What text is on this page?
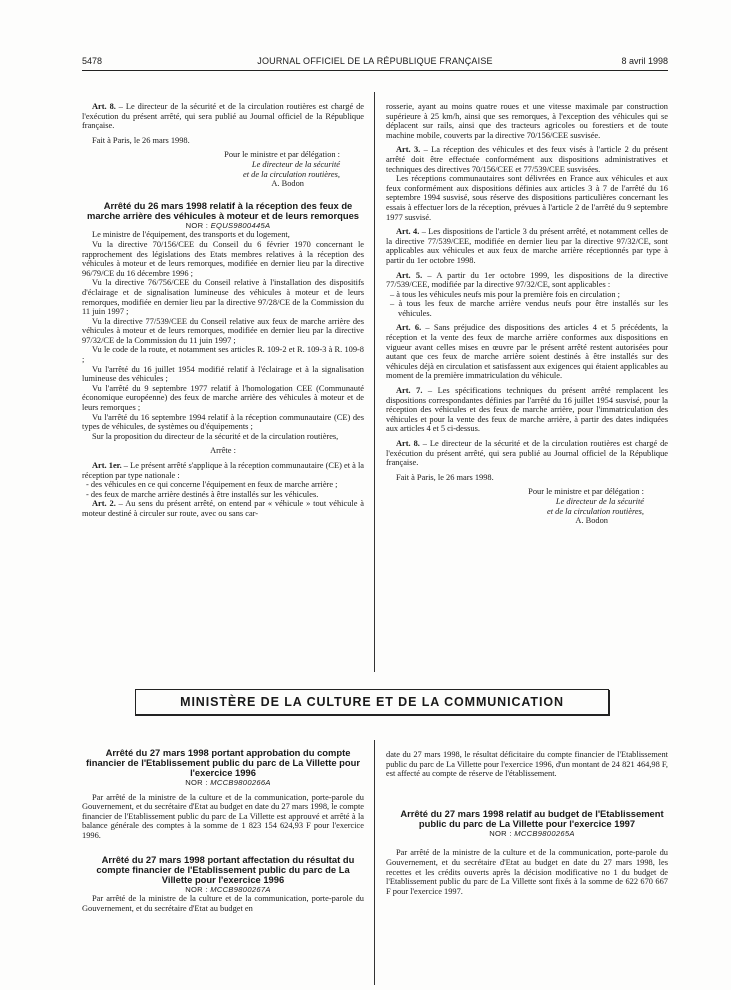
5478	JOURNAL OFFICIEL DE LA RÉPUBLIQUE FRANÇAISE	8 avril 1998

Art. 8. – Le directeur de la sécurité et de la circulation routières est chargé de l'exécution du présent arrêté, qui sera publié au Journal officiel de la République française.

Fait à Paris, le 26 mars 1998.

Pour le ministre et par délégation :
Le directeur de la sécurité
et de la circulation routières,
A. Bodon

Arrêté du 26 mars 1998 relatif à la réception des feux de marche arrière des véhicules à moteur et de leurs remorques

NOR : EQUS9800445A

Le ministre de l'équipement, des transports et du logement,

Vu la directive 70/156/CEE du Conseil du 6 février 1970 concernant le rapprochement des législations des Etats membres relatives à la réception des véhicules à moteur et de leurs remorques, modifiée en dernier lieu par la directive 96/79/CE du 16 décembre 1996 ;

Vu la directive 76/756/CEE du Conseil relative à l'installation des dispositifs d'éclairage et de signalisation lumineuse des véhicules à moteur et de leurs remorques, modifiée en dernier lieu par la directive 97/28/CE de la Commission du 11 juin 1997 ;

Vu la directive 77/539/CEE du Conseil relative aux feux de marche arrière des véhicules à moteur et de leurs remorques, modifiée en dernier lieu par la directive 97/32/CE de la Commission du 11 juin 1997 ;

Vu le code de la route, et notamment ses articles R. 109-2 et R. 109-3 à R. 109-8 ;

Vu l'arrêté du 16 juillet 1954 modifié relatif à l'éclairage et à la signalisation lumineuse des véhicules ;

Vu l'arrêté du 9 septembre 1977 relatif à l'homologation CEE (Communauté économique européenne) des feux de marche arrière des véhicules à moteur et de leurs remorques ;

Vu l'arrêté du 16 septembre 1994 relatif à la réception communautaire (CE) des types de véhicules, de systèmes ou d'équipements ;

Sur la proposition du directeur de la sécurité et de la circulation routières,

Arrête :

Art. 1er. – Le présent arrêté s'applique à la réception communautaire (CE) et à la réception par type nationale :

- des véhicules en ce qui concerne l'équipement en feux de marche arrière ;

- des feux de marche arrière destinés à être installés sur les véhicules.

Art. 2. – Au sens du présent arrêté, on entend par « véhicule » tout véhicule à moteur destiné à circuler sur route, avec ou sans car-

rosserie, ayant au moins quatre roues et une vitesse maximale par construction supérieure à 25 km/h, ainsi que ses remorques, à l'exception des véhicules qui se déplacent sur rails, ainsi que des tracteurs agricoles ou forestiers et de toute machine mobile, couverts par la directive 70/156/CEE susvisée.

Art. 3. – La réception des véhicules et des feux visés à l'article 2 du présent arrêté doit être effectuée conformément aux dispositions administratives et techniques des directives 70/156/CEE et 77/539/CEE susvisées.

Les réceptions communautaires sont délivrées en France aux véhicules et aux feux conformément aux dispositions définies aux articles 3 à 7 de l'arrêté du 16 septembre 1994 susvisé, sous réserve des dispositions particulières concernant les essais à effectuer lors de la réception, prévues à l'article 2 de l'arrêté du 9 septembre 1977 susvisé.

Art. 4. – Les dispositions de l'article 3 du présent arrêté, et notamment celles de la directive 77/539/CEE, modifiée en dernier lieu par la directive 97/32/CE, sont applicables aux véhicules et aux feux de marche arrière réceptionnés par type à partir du 1er octobre 1998.

Art. 5. – A partir du 1er octobre 1999, les dispositions de la directive 77/539/CEE, modifiée par la directive 97/32/CE, sont applicables :

– à tous les véhicules neufs mis pour la première fois en circulation ;

– à tous les feux de marche arrière vendus neufs pour être installés sur les véhicules.

Art. 6. – Sans préjudice des dispositions des articles 4 et 5 précédents, la réception et la vente des feux de marche arrière conformes aux dispositions en vigueur avant celles mises en œuvre par le présent arrêté restent autorisées pour autant que ces feux de marche arrière soient destinés à être installés sur des véhicules déjà en circulation et satisfassent aux exigences qui étaient applicables au moment de la première immatriculation du véhicule.

Art. 7. – Les spécifications techniques du présent arrêté remplacent les dispositions correspondantes définies par l'arrêté du 16 juillet 1954 susvisé, pour la réception des véhicules et des feux de marche arrière, pour l'immatriculation des véhicules et pour la vente des feux de marche arrière, à partir des dates indiquées aux articles 4 et 5 ci-dessus.

Art. 8. – Le directeur de la sécurité et de la circulation routières est chargé de l'exécution du présent arrêté, qui sera publié au Journal officiel de la République française.

Fait à Paris, le 26 mars 1998.

Pour le ministre et par délégation :
Le directeur de la sécurité
et de la circulation routières,
A. Bodon
MINISTÈRE DE LA CULTURE ET DE LA COMMUNICATION

Arrêté du 27 mars 1998 portant approbation du compte financier de l'Etablissement public du parc de La Villette pour l'exercice 1996

NOR : MCCB9800266A

Par arrêté de la ministre de la culture et de la communication, porte-parole du Gouvernement, et du secrétaire d'Etat au budget en date du 27 mars 1998, le compte financier de l'Etablissement public du parc de La Villette est approuvé et arrêté à la balance générale des comptes à la somme de 1 823 154 624,93 F pour l'exercice 1996.

Arrêté du 27 mars 1998 portant affectation du résultat du compte financier de l'Etablissement public du parc de La Villette pour l'exercice 1996

NOR : MCCB9800267A

Par arrêté de la ministre de la culture et de la communication, porte-parole du Gouvernement, et du secrétaire d'Etat au budget en

date du 27 mars 1998, le résultat déficitaire du compte financier de l'Etablissement public du parc de La Villette pour l'exercice 1996, d'un montant de 24 821 464,98 F, est affecté au compte de réserve de l'établissement.

Arrêté du 27 mars 1998 relatif au budget de l'Etablissement public du parc de La Villette pour l'exercice 1997

NOR : MCCB9800265A

Par arrêté de la ministre de la culture et de la communication, porte-parole du Gouvernement, et du secrétaire d'Etat au budget en date du 27 mars 1998, les recettes et les crédits ouverts après la décision modificative no 1 du budget de l'Etablissement public du parc de La Villette sont fixés à la somme de 622 670 667 F pour l'exercice 1997.
